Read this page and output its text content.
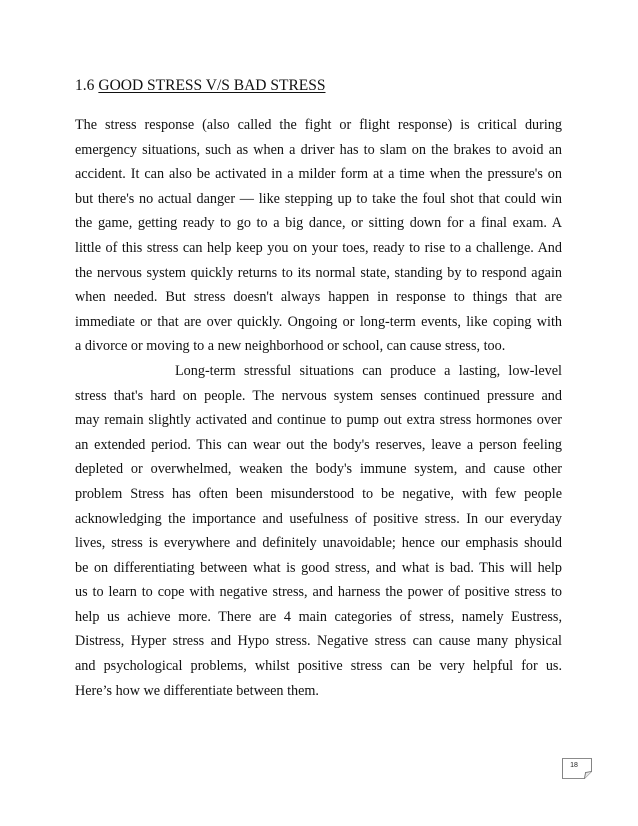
1.6 GOOD STRESS V/S BAD STRESS
The stress response (also called the fight or flight response) is critical during
emergency situations, such as when a driver has to slam on the brakes to avoid an
accident. It can also be activated in a milder form at a time when the pressure's on
but there's no actual danger — like stepping up to take the foul shot that could win
the game, getting ready to go to a big dance, or sitting down for a final exam. A
little of this stress can help keep you on your toes, ready to rise to a challenge. And
the nervous system quickly returns to its normal state, standing by to respond again
when needed. But stress doesn't always happen in response to things that are
immediate or that are over quickly. Ongoing or long-term events, like coping with
a divorce or moving to a new neighborhood or school, can cause stress, too.
Long-term stressful situations can produce a lasting, low-level
stress that's hard on people. The nervous system senses continued pressure and
may remain slightly activated and continue to pump out extra stress hormones over
an extended period. This can wear out the body's reserves, leave a person feeling
depleted or overwhelmed, weaken the body's immune system, and cause other
problem Stress has often been misunderstood to be negative, with few people
acknowledging the importance and usefulness of positive stress. In our everyday
lives, stress is everywhere and definitely unavoidable; hence our emphasis should
be on differentiating between what is good stress, and what is bad. This will help
us to learn to cope with negative stress, and harness the power of positive stress to
help us achieve more. There are 4 main categories of stress, namely Eustress,
Distress, Hyper stress and Hypo stress. Negative stress can cause many physical
and psychological problems, whilst positive stress can be very helpful for us.
Here’s how we differentiate between them.
18
